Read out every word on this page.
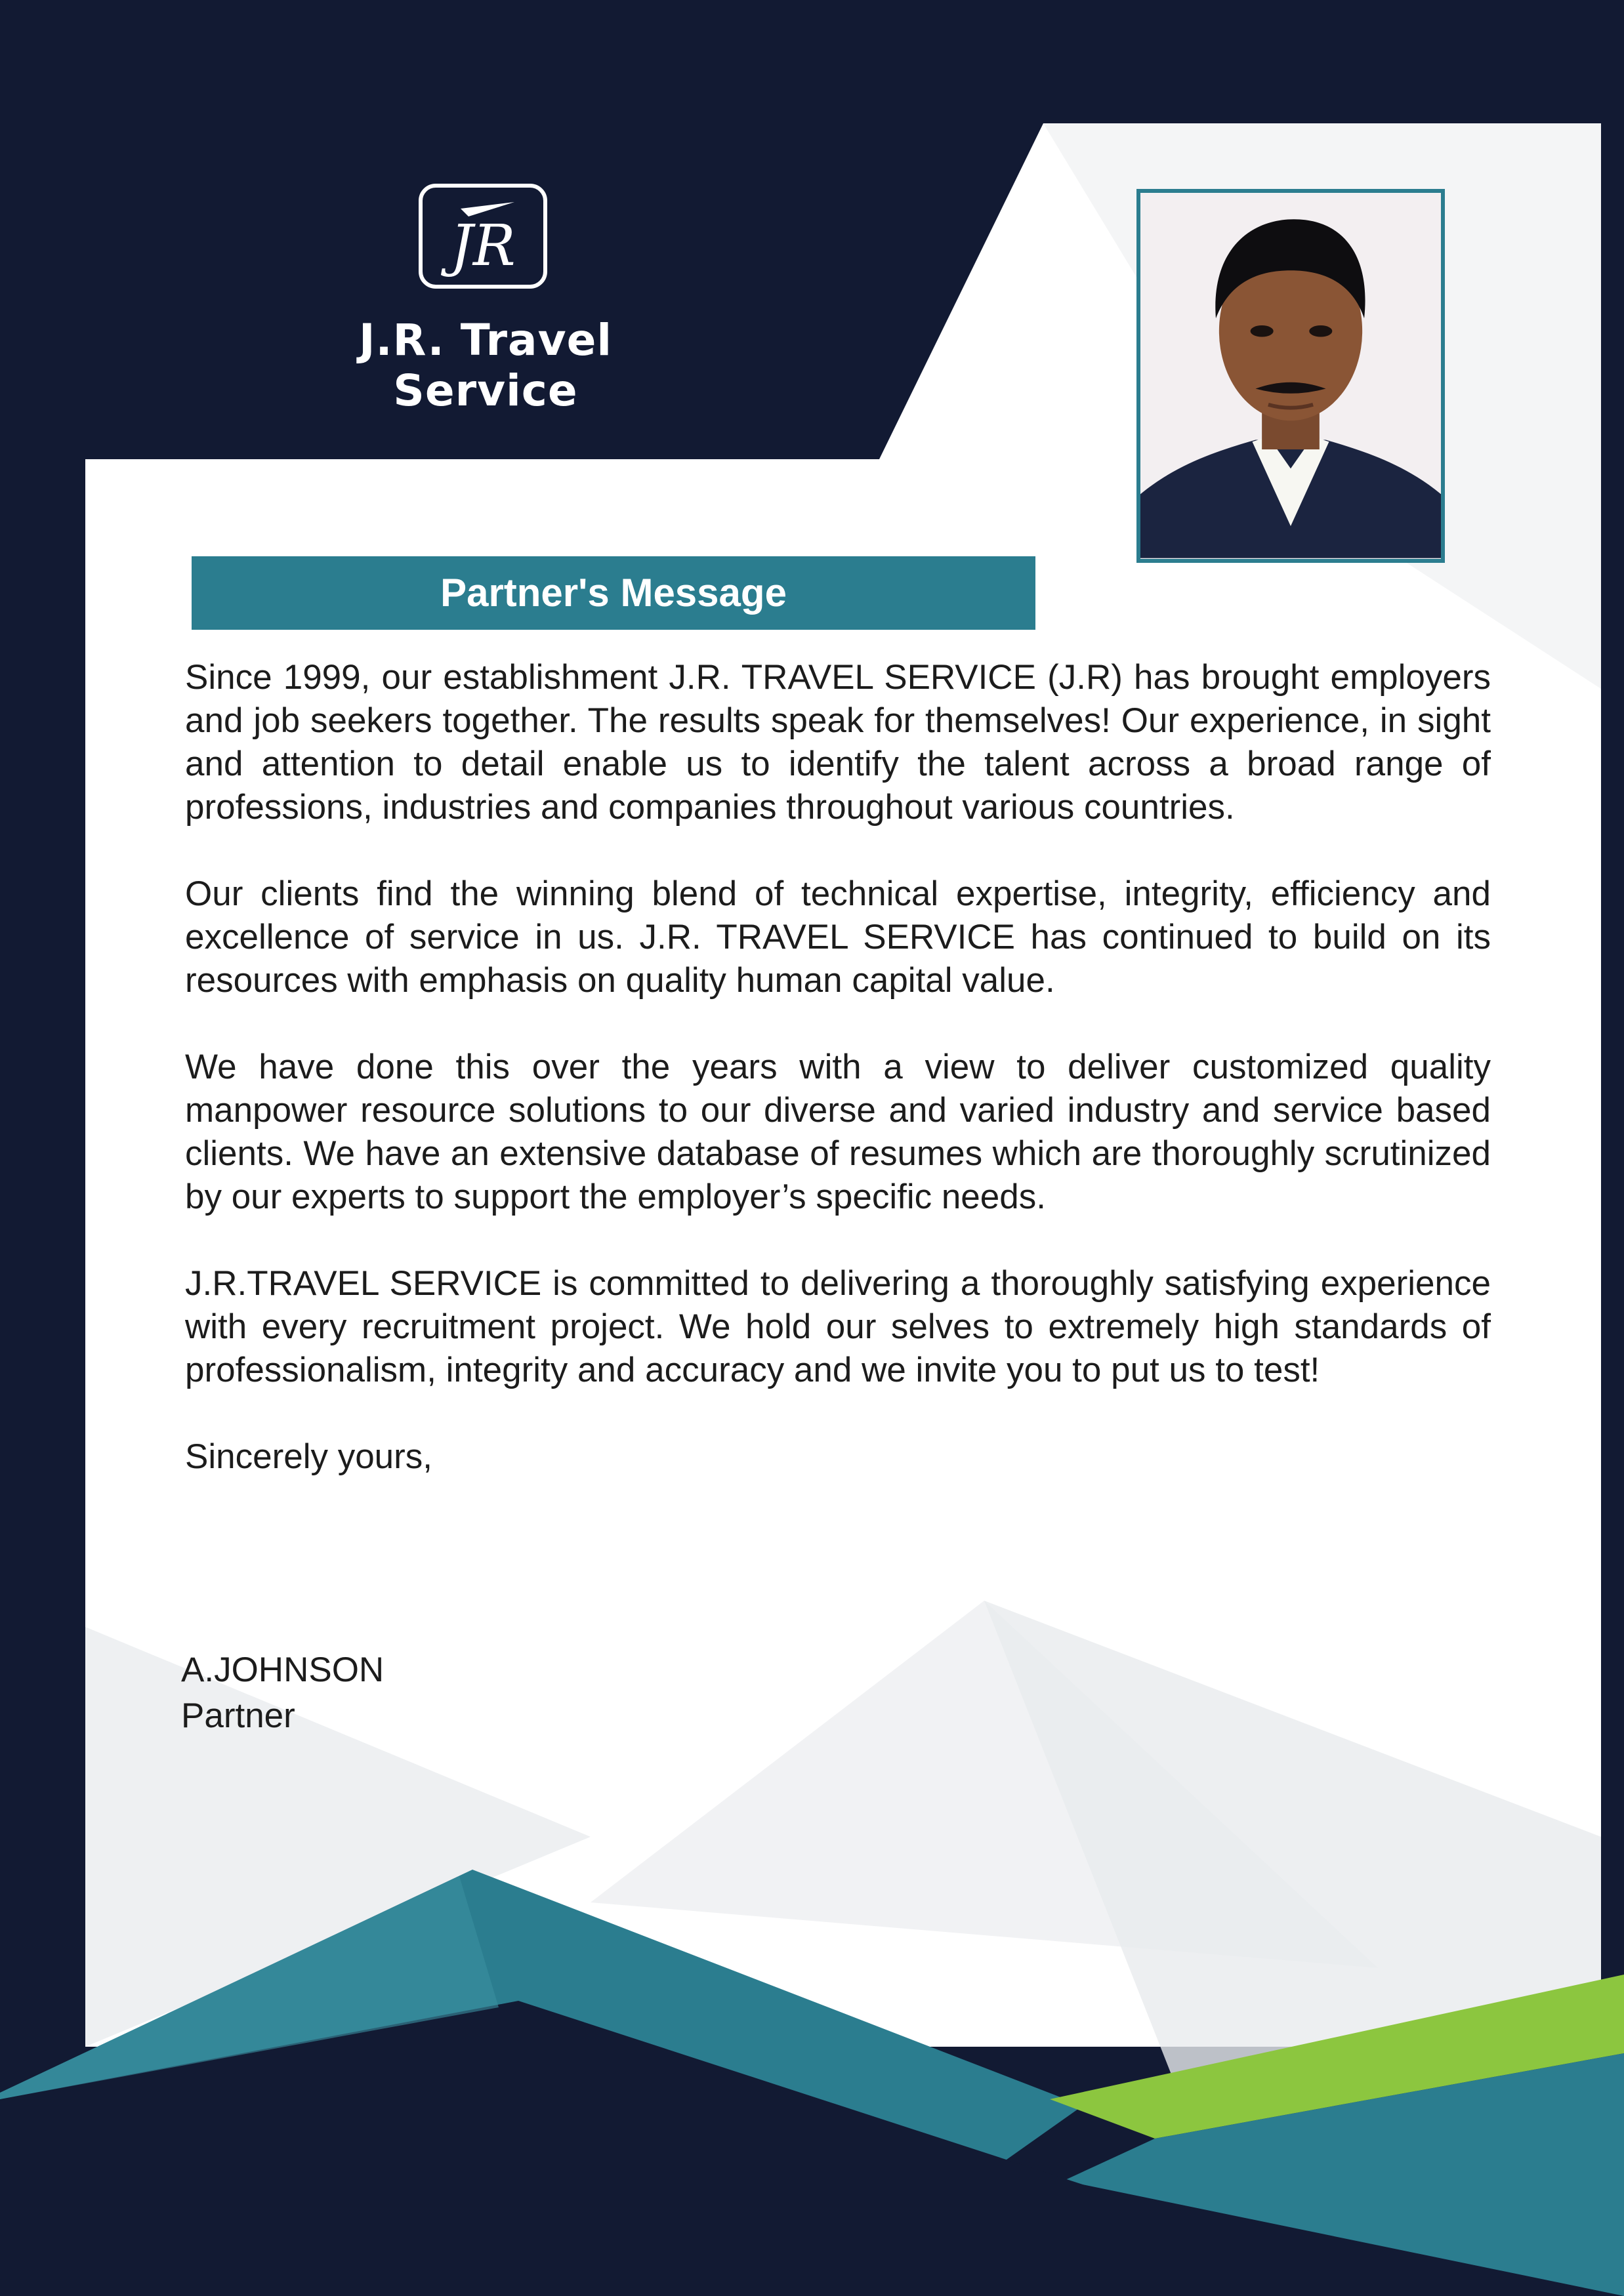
JR
J.R. Travel Service
Partner's Message

Since 1999, our establishment J.R. TRAVEL SERVICE (J.R) has brought employers and job seekers together. The results speak for themselves! Our experience, in sight and attention to detail enable us to identify the talent across a broad range of professions, industries and companies throughout various countries.

Our clients find the winning blend of technical expertise, integrity, efficiency and excellence of service in us. J.R. TRAVEL SERVICE has continued to build on its resources with emphasis on quality human capital value.

We have done this over the years with a view to deliver customized quality manpower resource solutions to our diverse and varied industry and service based clients. We have an extensive database of resumes which are thoroughly scrutinized by our experts to support the employer’s specific needs.

J.R.TRAVEL SERVICE is committed to delivering a thoroughly satisfying experience with every recruitment project. We hold our selves to extremely high standards of professionalism, integrity and accuracy and we invite you to put us to test!

Sincerely yours,

A.JOHNSON
Partner
